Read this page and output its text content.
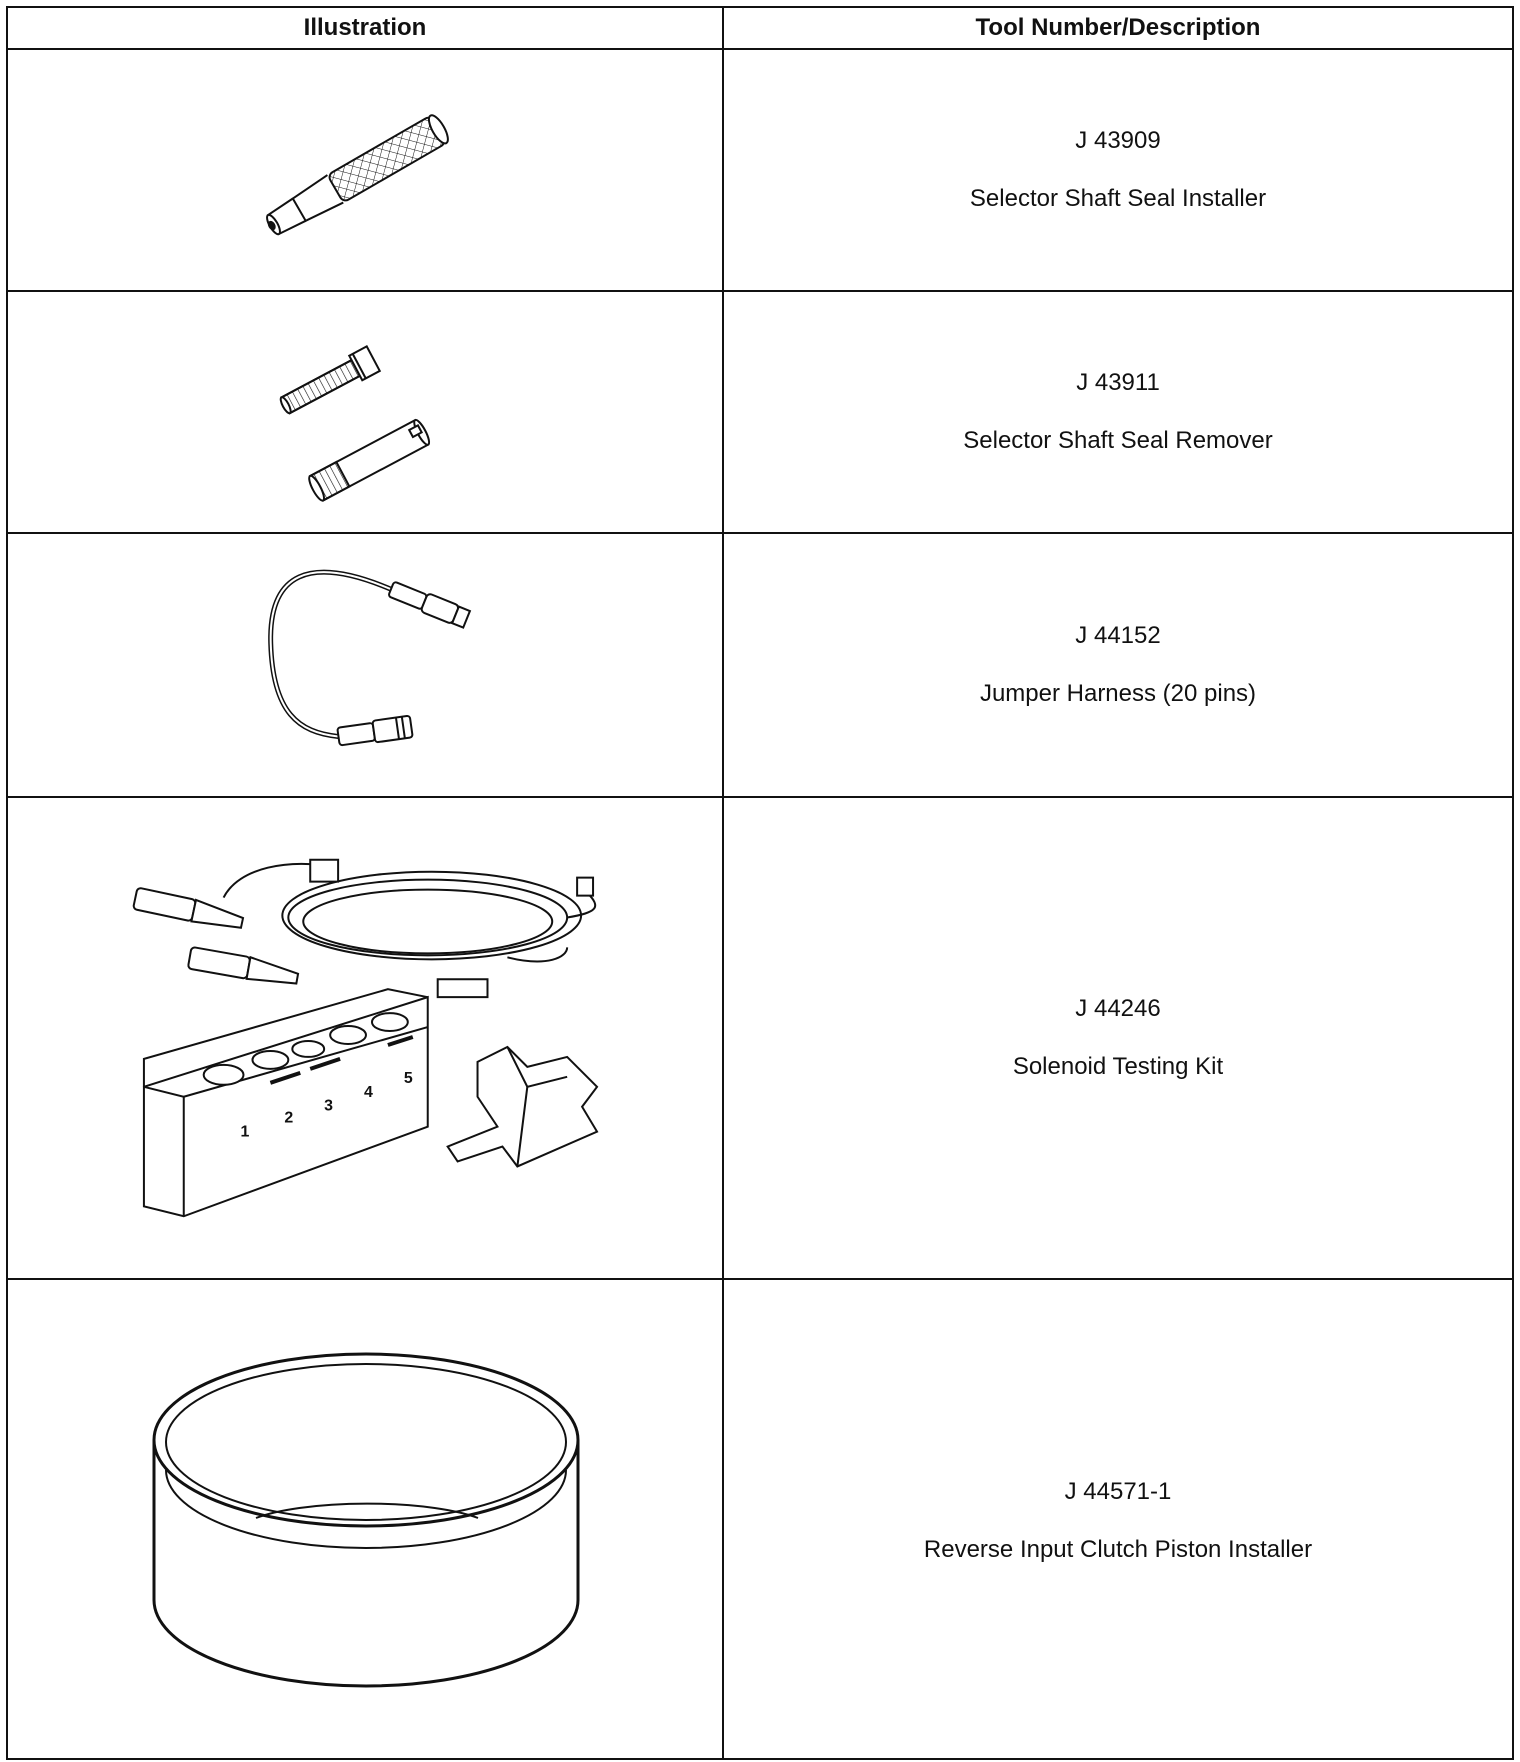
Illustration	Tool Number/Description
J 43909
Selector Shaft Seal Installer
J 43911
Selector Shaft Seal Remover
J 44152
Jumper Harness (20 pins)
1
2
3
4
5
J 44246
Solenoid Testing Kit
J 44571-1
Reverse Input Clutch Piston Installer
